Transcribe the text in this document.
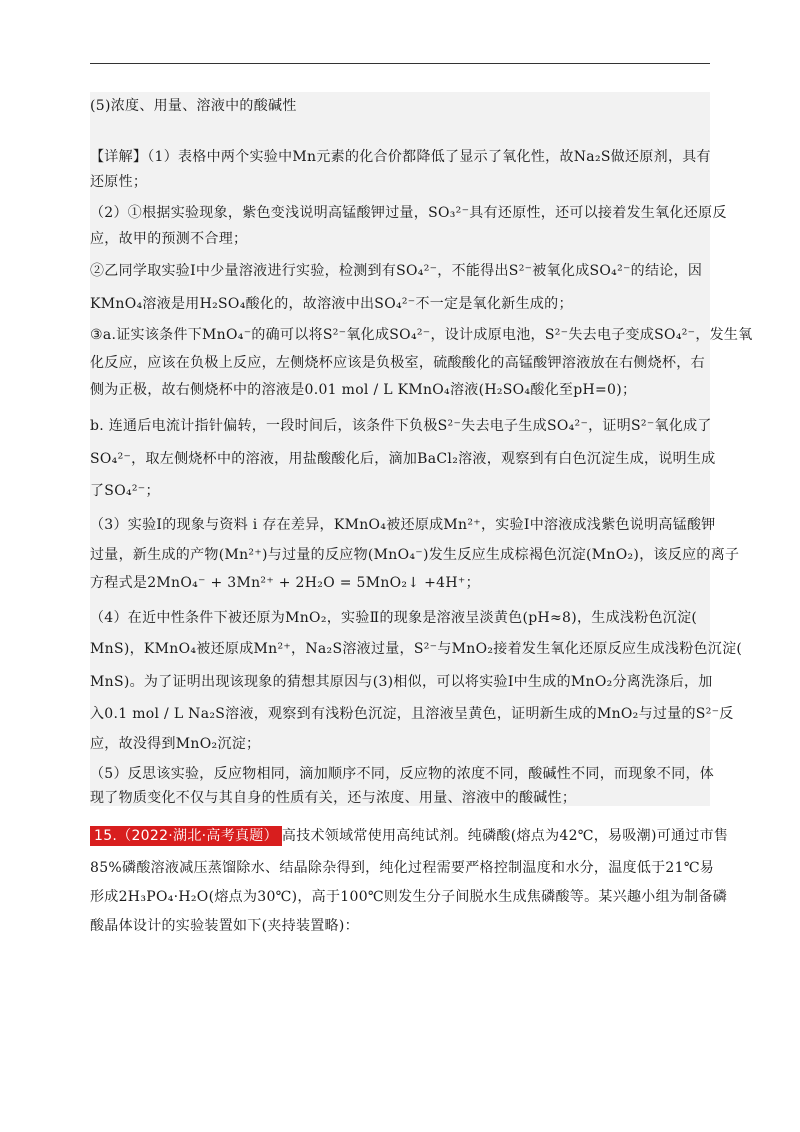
(5)浓度、用量、溶液中的酸碱性
【详解】（1）表格中两个实验中Mn元素的化合价都降低了显示了氧化性，故Na₂S做还原剂，具有
还原性；
（2）①根据实验现象，紫色变浅说明高锰酸钾过量，SO₃²⁻具有还原性，还可以接着发生氧化还原反
应，故甲的预测不合理；
②乙同学取实验Ⅰ中少量溶液进行实验，检测到有SO₄²⁻，不能得出S²⁻被氧化成SO₄²⁻的结论，因
KMnO₄溶液是用H₂SO₄酸化的，故溶液中出SO₄²⁻不一定是氧化新生成的；
③a.证实该条件下MnO₄⁻的确可以将S²⁻氧化成SO₄²⁻，设计成原电池，S²⁻失去电子变成SO₄²⁻，发生氧
化反应，应该在负极上反应，左侧烧杯应该是负极室，硫酸酸化的高锰酸钾溶液放在右侧烧杯，右
侧为正极，故右侧烧杯中的溶液是0.01 mol / L KMnO₄溶液(H₂SO₄酸化至pH=0)；
b. 连通后电流计指针偏转，一段时间后，该条件下负极S²⁻失去电子生成SO₄²⁻，证明S²⁻氧化成了
SO₄²⁻，取左侧烧杯中的溶液，用盐酸酸化后，滴加BaCl₂溶液，观察到有白色沉淀生成，说明生成
了SO₄²⁻；
（3）实验Ⅰ的现象与资料 i 存在差异，KMnO₄被还原成Mn²⁺，实验Ⅰ中溶液成浅紫色说明高锰酸钾
过量，新生成的产物(Mn²⁺)与过量的反应物(MnO₄⁻)发生反应生成棕褐色沉淀(MnO₂)，该反应的离子
方程式是2MnO₄⁻ + 3Mn²⁺ + 2H₂O = 5MnO₂↓ +4H⁺；
（4）在近中性条件下被还原为MnO₂，实验Ⅱ的现象是溶液呈淡黄色(pH≈8)，生成浅粉色沉淀(
MnS)，KMnO₄被还原成Mn²⁺，Na₂S溶液过量，S²⁻与MnO₂接着发生氧化还原反应生成浅粉色沉淀(
MnS)。为了证明出现该现象的猜想其原因与(3)相似，可以将实验Ⅰ中生成的MnO₂分离洗涤后，加
入0.1 mol / L Na₂S溶液，观察到有浅粉色沉淀，且溶液呈黄色，证明新生成的MnO₂与过量的S²⁻反
应，故没得到MnO₂沉淀；
（5）反思该实验，反应物相同，滴加顺序不同，反应物的浓度不同，酸碱性不同，而现象不同，体
现了物质变化不仅与其自身的性质有关，还与浓度、用量、溶液中的酸碱性；
15.（2022·湖北·高考真题） 高技术领域常使用高纯试剂。纯磷酸(熔点为42℃，易吸潮)可通过市售
85%磷酸溶液减压蒸馏除水、结晶除杂得到，纯化过程需要严格控制温度和水分，温度低于21℃易
形成2H₃PO₄·H₂O(熔点为30℃)，高于100℃则发生分子间脱水生成焦磷酸等。某兴趣小组为制备磷
酸晶体设计的实验装置如下(夹持装置略)：
